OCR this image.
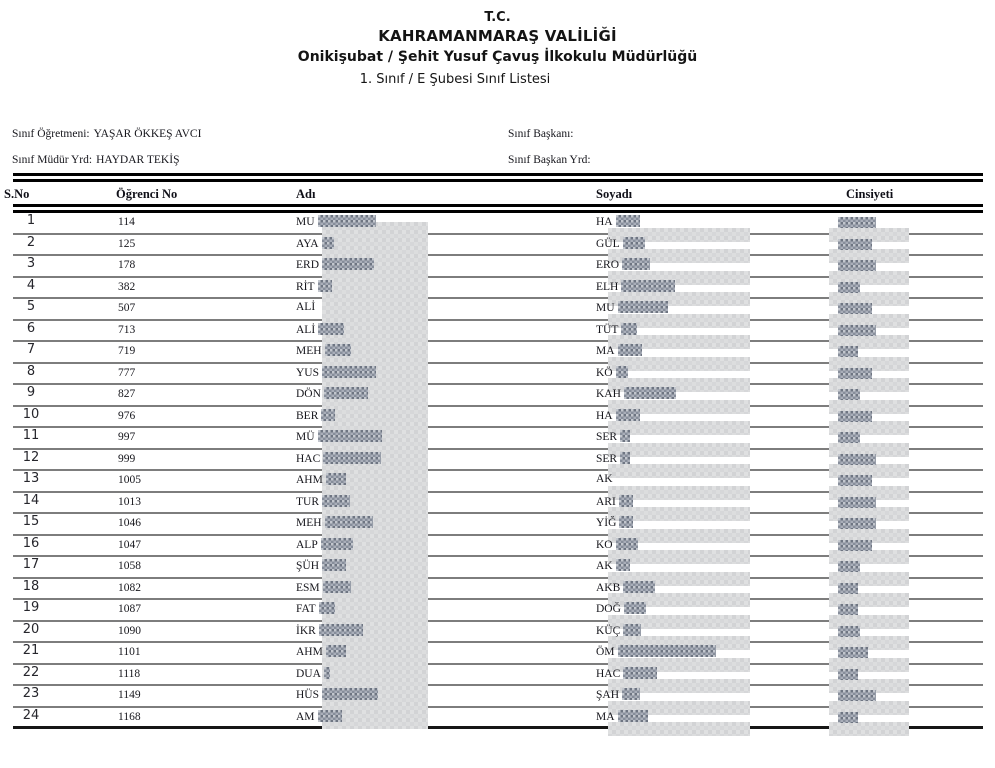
T.C.
KAHRAMANMARAŞ VALİLİĞİ
Onikişubat / Şehit Yusuf Çavuş İlkokulu Müdürlüğü
1. Sınıf / E Şubesi Sınıf Listesi
Sınıf Öğretmeni: YAŞAR ÖKKEŞ AVCI
Sınıf Müdür Yrd: HAYDAR TEKİŞ
Sınıf Başkanı:
Sınıf Başkan Yrd:
S.No	Öğrenci No	Adı	Soyadı	Cinsiyeti
1	114	MU	HA
2	125	AYA	GÜL
3	178	ERD	ERO
4	382	RİT	ELH
5	507	ALİ	MU
6	713	ALİ	TÜT
7	719	MEH	MA
8	777	YUS	KÖ
9	827	DÖN	KAH
10	976	BER	HA
11	997	MÜ	SER
12	999	HAC	SER
13	1005	AHM	AK
14	1013	TUR	ARI
15	1046	MEH	YİĞ
16	1047	ALP	KO
17	1058	ŞÜH	AK
18	1082	ESM	AKB
19	1087	FAT	DOĞ
20	1090	İKR	KÜÇ
21	1101	AHM	ÖM
22	1118	DUA	HAC
23	1149	HÜS	ŞAH
24	1168	AM	MA
